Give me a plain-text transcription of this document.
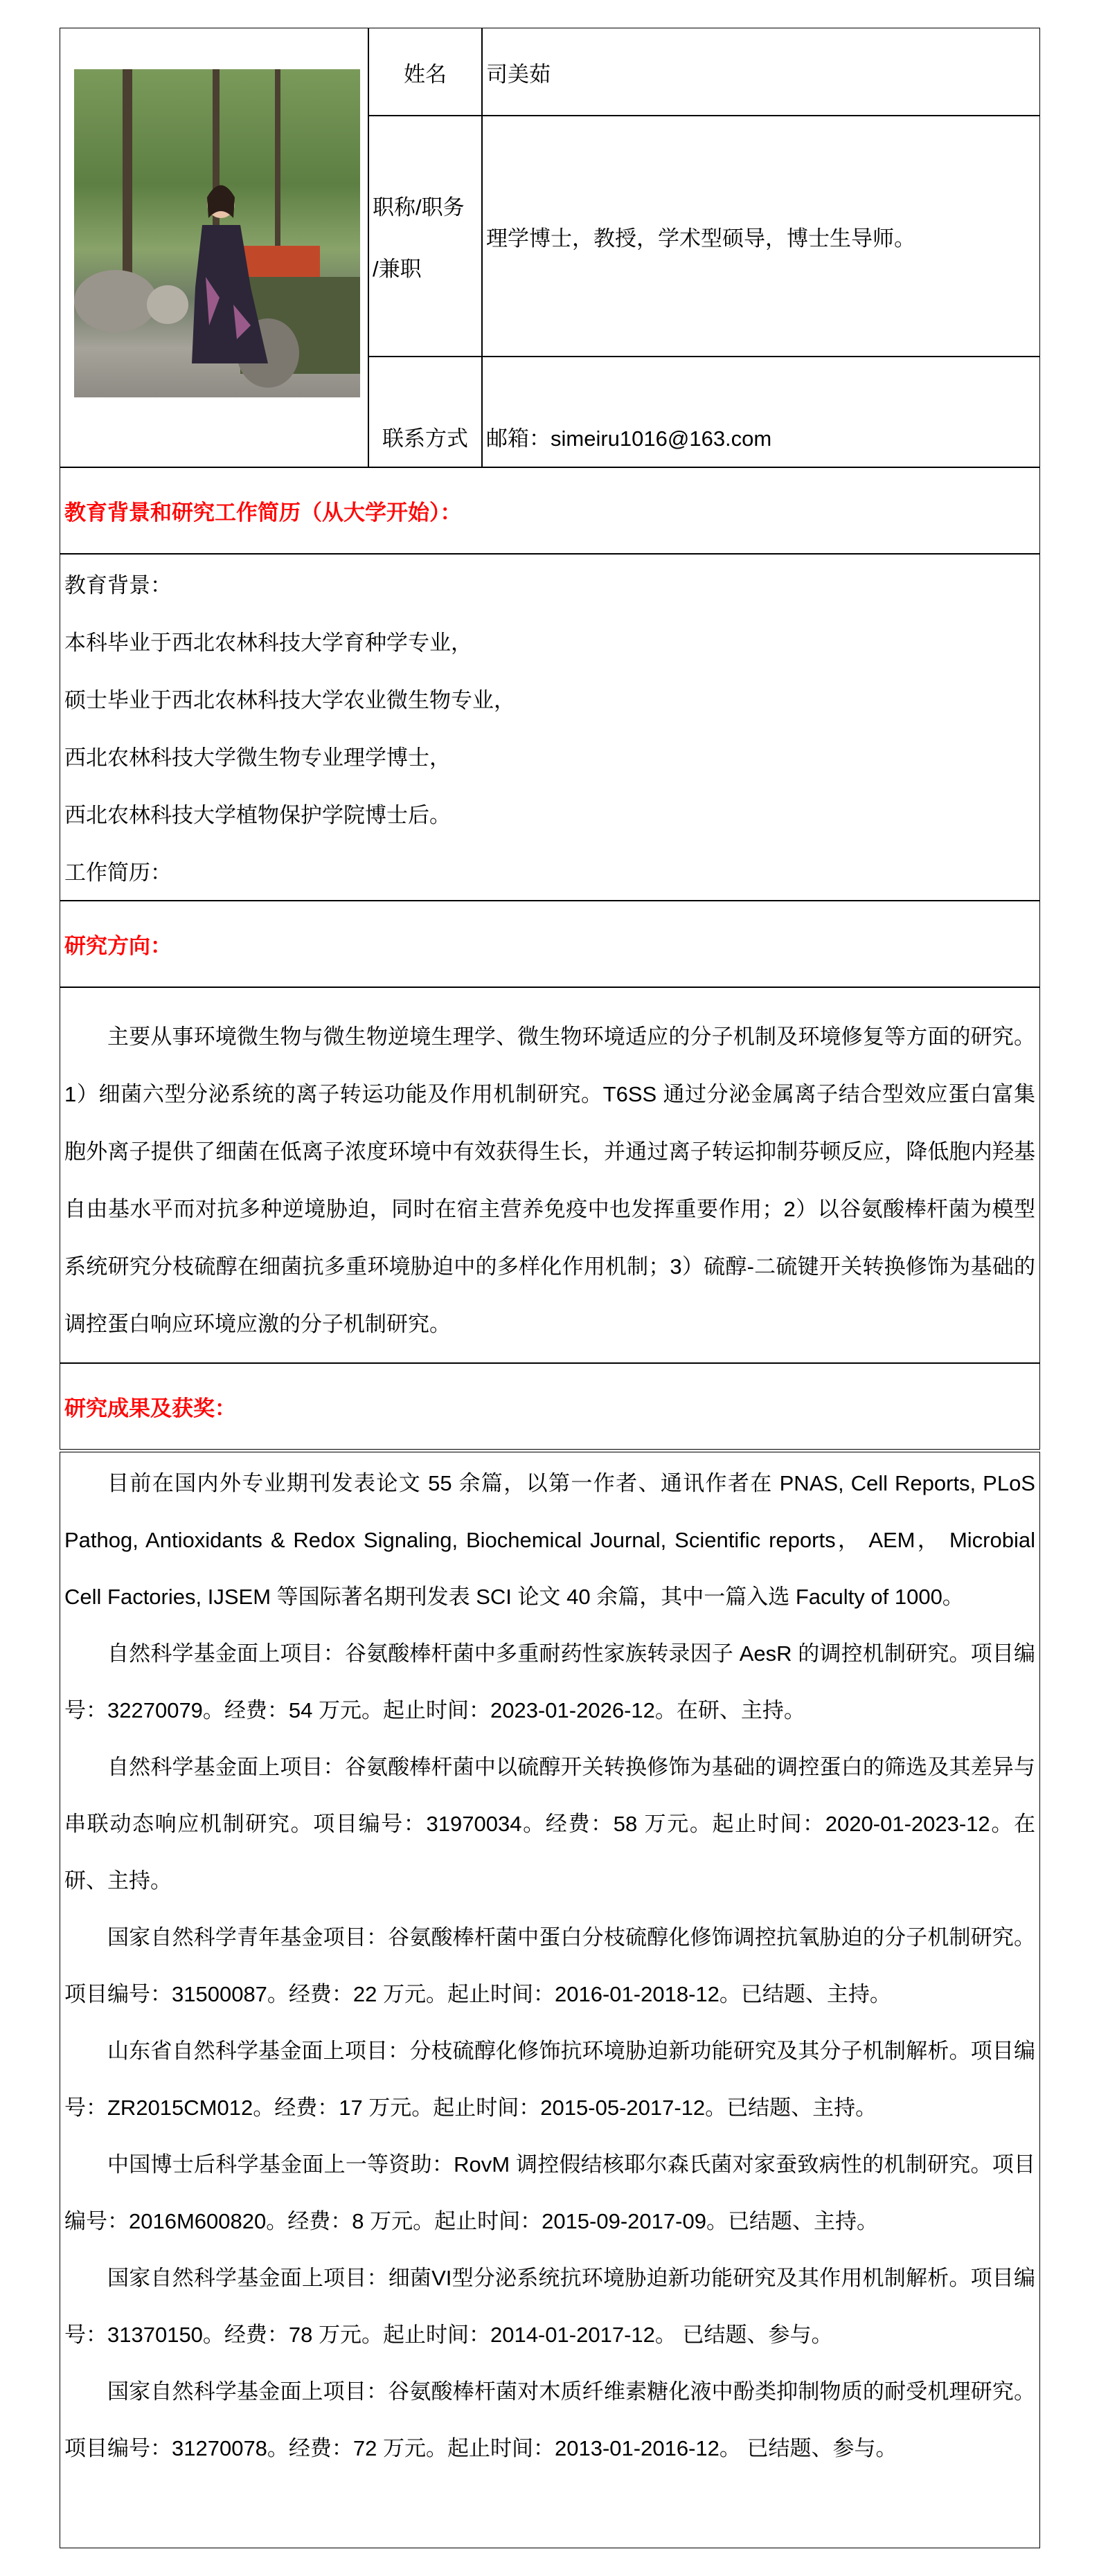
姓名	司美茹
职称/职务
/兼职
理学博士，教授，学术型硕导，博士生导师。
联系方式 邮箱：simeiru1016@163.com
教育背景和研究工作简历（从大学开始）：

教育背景：

本科毕业于西北农林科技大学育种学专业，

硕士毕业于西北农林科技大学农业微生物专业，

西北农林科技大学微生物专业理学博士，

西北农林科技大学植物保护学院博士后。

工作简历：

研究方向：

主要从事环境微生物与微生物逆境生理学、微生物环境适应的分子机制及环境修复等方面的研究。1）细菌六型分泌系统的离子转运功能及作用机制研究。T6SS 通过分泌金属离子结合型效应蛋白富集胞外离子提供了细菌在低离子浓度环境中有效获得生长，并通过离子转运抑制芬顿反应，降低胞内羟基自由基水平而对抗多种逆境胁迫，同时在宿主营养免疫中也发挥重要作用；2）以谷氨酸棒杆菌为模型系统研究分枝硫醇在细菌抗多重环境胁迫中的多样化作用机制；3）硫醇-二硫键开关转换修饰为基础的调控蛋白响应环境应激的分子机制研究。

研究成果及获奖：

目前在国内外专业期刊发表论文 55 余篇，以第一作者、通讯作者在 PNAS, Cell Reports, PLoS Pathog, Antioxidants & Redox Signaling, Biochemical Journal, Scientific reports， AEM， Microbial Cell Factories, IJSEM 等国际著名期刊发表 SCI 论文 40 余篇，其中一篇入选 Faculty of 1000。

自然科学基金面上项目：谷氨酸棒杆菌中多重耐药性家族转录因子 AesR 的调控机制研究。项目编号：32270079。经费：54 万元。起止时间：2023-01-2026-12。在研、主持。

自然科学基金面上项目：谷氨酸棒杆菌中以硫醇开关转换修饰为基础的调控蛋白的筛选及其差异与串联动态响应机制研究。项目编号：31970034。经费：58 万元。起止时间：2020-01-2023-12。在研、主持。

国家自然科学青年基金项目：谷氨酸棒杆菌中蛋白分枝硫醇化修饰调控抗氧胁迫的分子机制研究。项目编号：31500087。经费：22 万元。起止时间：2016-01-2018-12。已结题、主持。

山东省自然科学基金面上项目：分枝硫醇化修饰抗环境胁迫新功能研究及其分子机制解析。项目编号：ZR2015CM012。经费：17 万元。起止时间：2015-05-2017-12。已结题、主持。

中国博士后科学基金面上一等资助：RovM 调控假结核耶尔森氏菌对家蚕致病性的机制研究。项目编号：2016M600820。经费：8 万元。起止时间：2015-09-2017-09。已结题、主持。

国家自然科学基金面上项目：细菌VI型分泌系统抗环境胁迫新功能研究及其作用机制解析。项目编号：31370150。经费：78 万元。起止时间：2014-01-2017-12。 已结题、参与。

国家自然科学基金面上项目：谷氨酸棒杆菌对木质纤维素糖化液中酚类抑制物质的耐受机理研究。项目编号：31270078。经费：72 万元。起止时间：2013-01-2016-12。 已结题、参与。
